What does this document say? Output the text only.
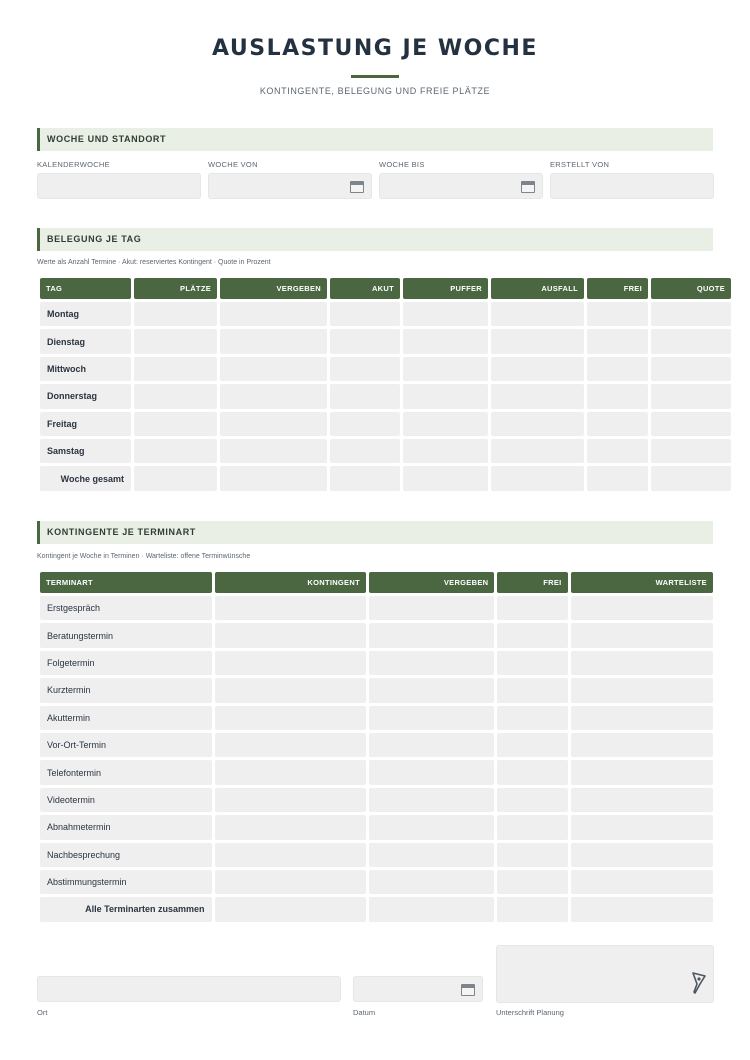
AUSLASTUNG JE WOCHE
KONTINGENTE, BELEGUNG UND FREIE PLÄTZE
WOCHE UND STANDORT
KALENDERWOCHE	WOCHE VON	WOCHE BIS	ERSTELLT VON
BELEGUNG JE TAG
Werte als Anzahl Termine · Akut: reserviertes Kontingent · Quote in Prozent
TAG	PLÄTZE	VERGEBEN	AKUT	PUFFER	AUSFALL	FREI	QUOTE
Montag							
Dienstag							
Mittwoch							
Donnerstag							
Freitag							
Samstag							
Woche gesamt							
KONTINGENTE JE TERMINART
Kontingent je Woche in Terminen · Warteliste: offene Terminwünsche
TERMINART	KONTINGENT	VERGEBEN	FREI	WARTELISTE
Erstgespräch				
Beratungstermin				
Folgetermin				
Kurztermin				
Akuttermin				
Vor-Ort-Termin				
Telefontermin				
Videotermin				
Abnahmetermin				
Nachbesprechung				
Abstimmungstermin				
Alle Terminarten zusammen				
Ort	Datum	Unterschrift Planung
